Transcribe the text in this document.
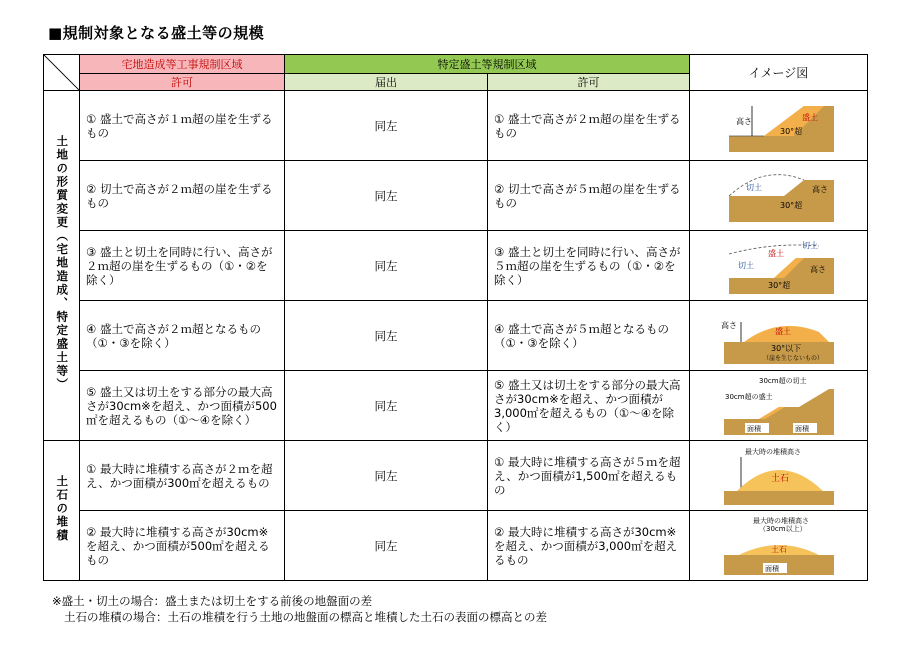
■規制対象となる盛土等の規模
	宅地造成等工事規制区域	特定盛土等規制区域		イメージ図
	許可	届出	許可	
土地の形質変更（宅地造成、特定盛土等）	① 盛土で高さが１ｍ超の崖を生ずるもの	同左	① 盛土で高さが２ｍ超の崖を生ずるもの	高さ 盛土
30°超

	② 切土で高さが２ｍ超の崖を生ずるもの	同左	② 切土で高さが５ｍ超の崖を生ずるもの	切土 高さ
30°超

	③ 盛土と切土を同時に行い、高さが２ｍ超の崖を生ずるもの（①・②を除く）	同左	③ 盛土と切土を同時に行い、高さが５ｍ超の崖を生ずるもの（①・②を除く）	盛土
切土
切土 高さ
30°超

	④ 盛土で高さが２ｍ超となるもの（①・③を除く）	同左	④ 盛土で高さが５ｍ超となるもの（①・③を除く）	高さ
盛土
30°以下
（崖を生じないもの）

	⑤ 盛土又は切土をする部分の最大高さが30cm※を超え、かつ面積が500㎡を超えるもの（①～④を除く）	同左	⑤ 盛土又は切土をする部分の最大高さが30cm※を超え、かつ面積が3,000㎡を超えるもの（①～④を除く）	30cm超の切土
30cm超の盛土
面積 面積

土石の堆積	① 最大時に堆積する高さが２ｍを超え、かつ面積が300㎡を超えるもの	同左	① 最大時に堆積する高さが５ｍを超え、かつ面積が1,500㎡を超えるもの	最大時の堆積高さ
土石

	② 最大時に堆積する高さが30cm※を超え、かつ面積が500㎡を超えるもの	同左	② 最大時に堆積する高さが30cm※を超え、かつ面積が3,000㎡を超えるもの	最大時の堆積高さ
（30cm以上）
土石
面積
※盛土・切土の場合：盛土または切土をする前後の地盤面の差
土石の堆積の場合：土石の堆積を行う土地の地盤面の標高と堆積した土石の表面の標高との差
